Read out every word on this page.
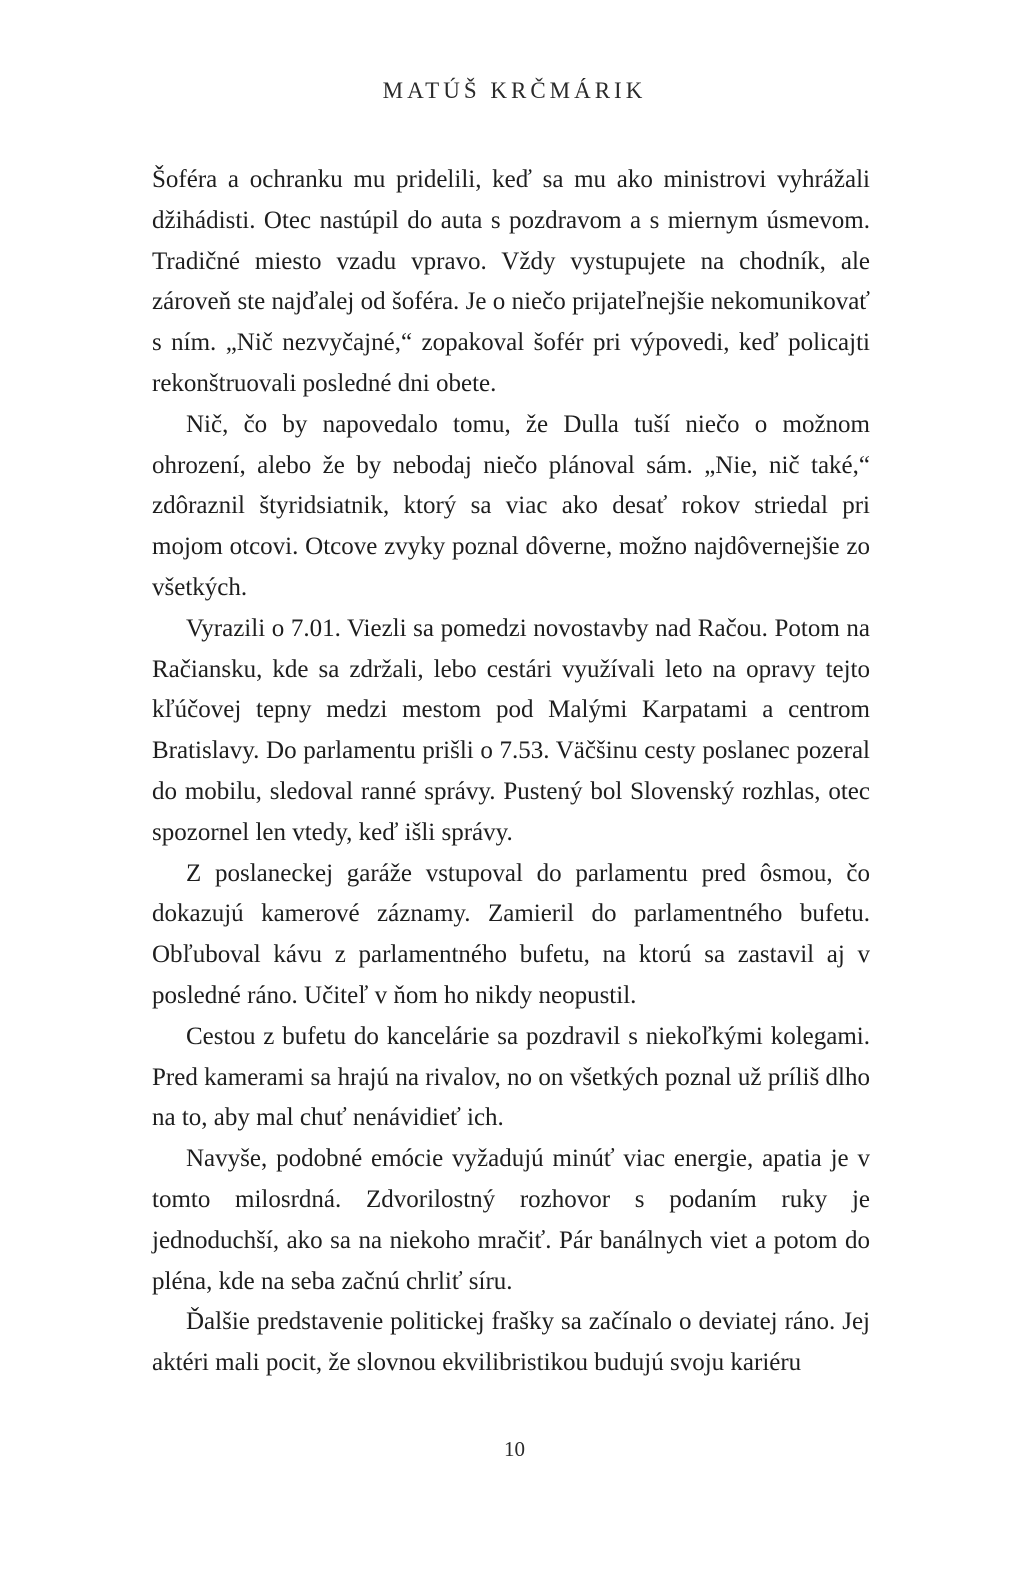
MATÚŠ KRČMÁRIK

Šoféra a ochranku mu pridelili, keď sa mu ako ministrovi vyhrážali džihádisti. Otec nastúpil do auta s pozdravom a s miernym úsmevom. Tradičné miesto vzadu vpravo. Vždy vystupujete na chodník, ale zároveň ste najďalej od šoféra. Je o niečo prijateľnejšie nekomunikovať s ním. „Nič nezvyčajné,“ zopakoval šofér pri výpovedi, keď policajti rekonštruovali posledné dni obete.

Nič, čo by napovedalo tomu, že Dulla tuší niečo o možnom ohrození, alebo že by nebodaj niečo plánoval sám. „Nie, nič také,“ zdôraznil štyridsiatnik, ktorý sa viac ako desať rokov striedal pri mojom otcovi. Otcove zvyky poznal dôverne, možno najdôvernejšie zo všetkých.

Vyrazili o 7.01. Viezli sa pomedzi novostavby nad Račou. Potom na Račiansku, kde sa zdržali, lebo cestári využívali leto na opravy tejto kľúčovej tepny medzi mestom pod Malými Karpatami a centrom Bratislavy. Do parlamentu prišli o 7.53. Väčšinu cesty poslanec pozeral do mobilu, sledoval ranné správy. Pustený bol Slovenský rozhlas, otec spozornel len vtedy, keď išli správy.

Z poslaneckej garáže vstupoval do parlamentu pred ôsmou, čo dokazujú kamerové záznamy. Zamieril do parlamentného bufetu. Obľuboval kávu z parlamentného bufetu, na ktorú sa zastavil aj v posledné ráno. Učiteľ v ňom ho nikdy neopustil.

Cestou z bufetu do kancelárie sa pozdravil s niekoľkými kolegami. Pred kamerami sa hrajú na rivalov, no on všetkých poznal už príliš dlho na to, aby mal chuť nenávidieť ich.

Navyše, podobné emócie vyžadujú minúť viac energie, apatia je v tomto milosrdná. Zdvorilostný rozhovor s podaním ruky je jednoduchší, ako sa na niekoho mračiť. Pár banálnych viet a potom do pléna, kde na seba začnú chrliť síru.

Ďalšie predstavenie politickej frašky sa začínalo o deviatej ráno. Jej aktéri mali pocit, že slovnou ekvilibristikou budujú svoju kariéru

10
